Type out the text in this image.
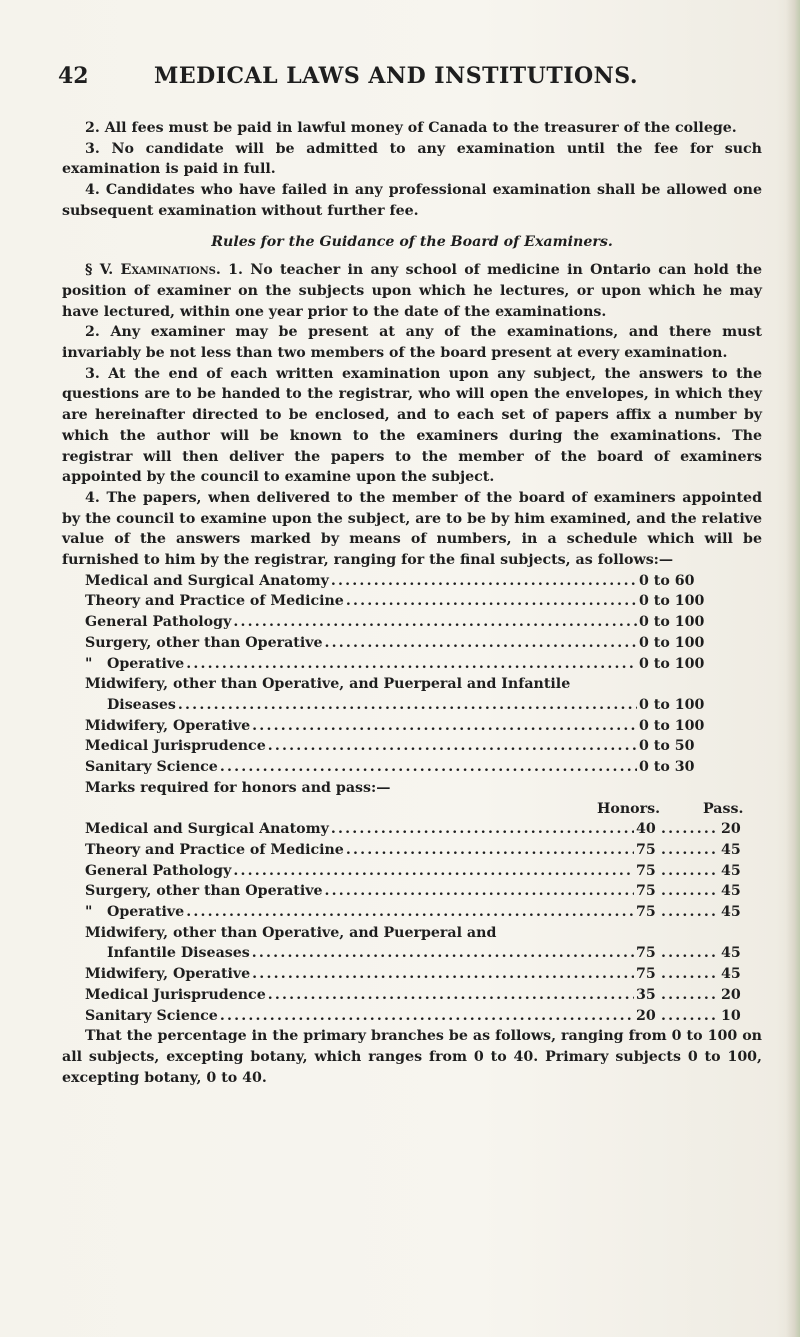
42	MEDICAL LAWS AND INSTITUTIONS.

2. All fees must be paid in lawful money of Canada to the treasurer of the college.

3. No candidate will be admitted to any examination until the fee for such examination is paid in full.

4. Candidates who have failed in any professional examination shall be allowed one subsequent examination without further fee.

Rules for the Guidance of the Board of Examiners.

§ V. Examinations. 1. No teacher in any school of medicine in Ontario can hold the position of examiner on the subjects upon which he lectures, or upon which he may have lectured, within one year prior to the date of the examinations.

2. Any examiner may be present at any of the examinations, and there must invariably be not less than two members of the board present at every examination.

3. At the end of each written examination upon any subject, the answers to the questions are to be handed to the registrar, who will open the envelopes, in which they are hereinafter directed to be enclosed, and to each set of papers affix a number by which the author will be known to the examiners during the examinations. The registrar will then deliver the papers to the member of the board of examiners appointed by the council to examine upon the subject.

4. The papers, when delivered to the member of the board of examiners appointed by the council to examine upon the subject, are to be by him examined, and the relative value of the answers marked by means of numbers, in a schedule which will be furnished to him by the registrar, ranging for the final subjects, as follows:—

Medical and Surgical Anatomy .....	0 to 60
Theory and Practice of Medicine .....	0 to 100
General Pathology .....	0 to 100
Surgery, other than Operative .....	0 to 100
" Operative .....	0 to 100
Midwifery, other than Operative, and Puerperal and Infantile
Diseases .....	0 to 100
Midwifery, Operative .....	0 to 100
Medical Jurisprudence .....	0 to 50
Sanitary Science .....	0 to 30
Marks required for honors and pass:—
Honors.	Pass.
Medical and Surgical Anatomy .....	40 .....	20
Theory and Practice of Medicine .....	75 .....	45
General Pathology .....	75 .....	45
Surgery, other than Operative .....	75 .....	45
" Operative .....	75 .....	45
Midwifery, other than Operative, and Puerperal and
Infantile Diseases .....	75 .....	45
Midwifery, Operative .....	75 .....	45
Medical Jurisprudence .....	35 .....	20
Sanitary Science .....	20 .....	10

That the percentage in the primary branches be as follows, ranging from 0 to 100 on all subjects, excepting botany, which ranges from 0 to 40. Primary subjects 0 to 100, excepting botany, 0 to 40.
